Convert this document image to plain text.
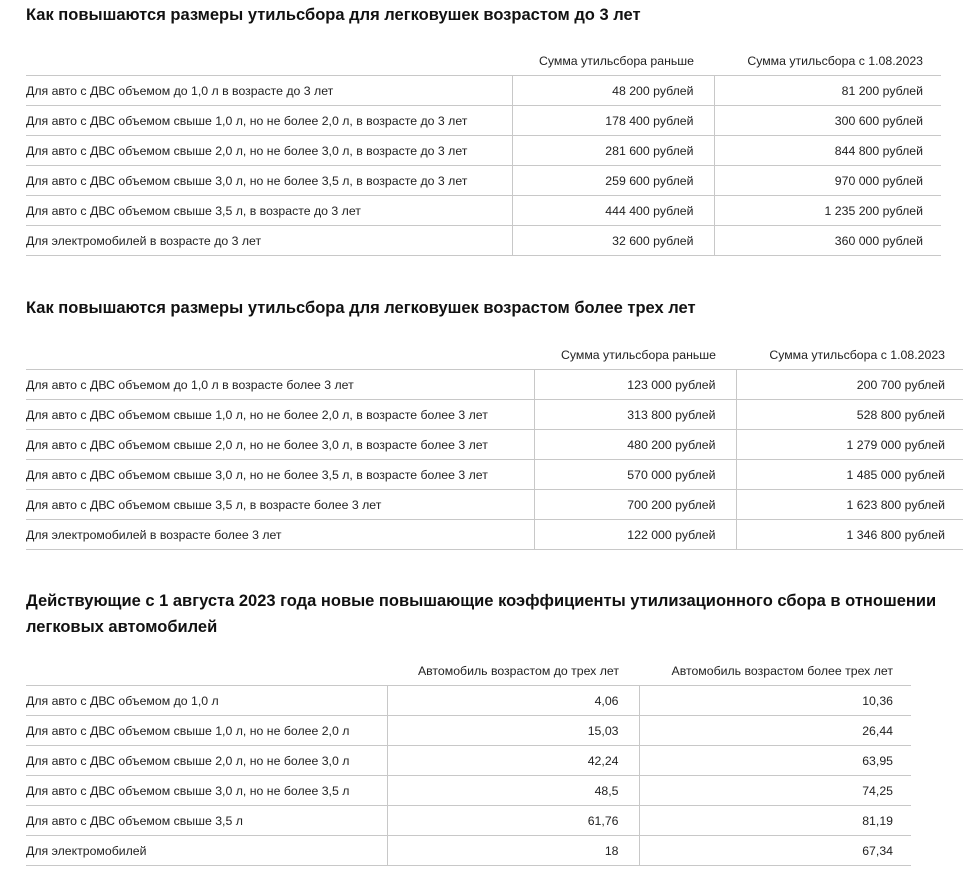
Как повышаются размеры утильсбора для легковушек возрастом до 3 лет
	Сумма утильсбора раньше	Сумма утильсбора с 1.08.2023
Для авто с ДВС объемом до 1,0 л в возрасте до 3 лет	48 200 рублей	81 200 рублей
Для авто с ДВС объемом свыше 1,0 л, но не более 2,0 л, в возрасте до 3 лет	178 400 рублей	300 600 рублей
Для авто с ДВС объемом свыше 2,0 л, но не более 3,0 л, в возрасте до 3 лет	281 600 рублей	844 800 рублей
Для авто с ДВС объемом свыше 3,0 л, но не более 3,5 л, в возрасте до 3 лет	259 600 рублей	970 000 рублей
Для авто с ДВС объемом свыше 3,5 л, в возрасте до 3 лет	444 400 рублей	1 235 200 рублей
Для электромобилей в возрасте до 3 лет	32 600 рублей	360 000 рублей
Как повышаются размеры утильсбора для легковушек возрастом более трех лет
	Сумма утильсбора раньше	Сумма утильсбора с 1.08.2023
Для авто с ДВС объемом до 1,0 л в возрасте более 3 лет	123 000 рублей	200 700 рублей
Для авто с ДВС объемом свыше 1,0 л, но не более 2,0 л, в возрасте более 3 лет	313 800 рублей	528 800 рублей
Для авто с ДВС объемом свыше 2,0 л, но не более 3,0 л, в возрасте более 3 лет	480 200 рублей	1 279 000 рублей
Для авто с ДВС объемом свыше 3,0 л, но не более 3,5 л, в возрасте более 3 лет	570 000 рублей	1 485 000 рублей
Для авто с ДВС объемом свыше 3,5 л, в возрасте более 3 лет	700 200 рублей	1 623 800 рублей
Для электромобилей в возрасте более 3 лет	122 000 рублей	1 346 800 рублей
Действующие с 1 августа 2023 года новые повышающие коэффициенты утилизационного сбора в отношении легковых автомобилей
	Автомобиль возрастом до трех лет	Автомобиль возрастом более трех лет
Для авто с ДВС объемом до 1,0 л	4,06	10,36
Для авто с ДВС объемом свыше 1,0 л, но не более 2,0 л	15,03	26,44
Для авто с ДВС объемом свыше 2,0 л, но не более 3,0 л	42,24	63,95
Для авто с ДВС объемом свыше 3,0 л, но не более 3,5 л	48,5	74,25
Для авто с ДВС объемом свыше 3,5 л	61,76	81,19
Для электромобилей	18	67,34
